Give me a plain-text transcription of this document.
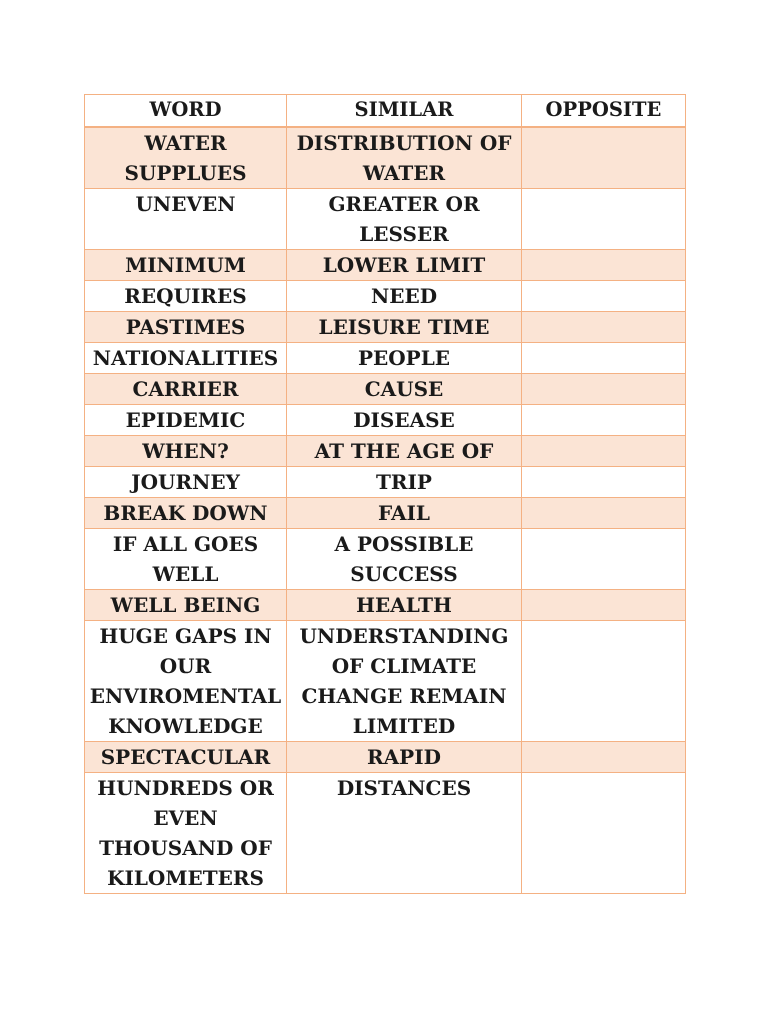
WORD	SIMILAR	OPPOSITE
WATER SUPPLUES	DISTRIBUTION OF WATER	
UNEVEN	GREATER OR LESSER	
MINIMUM	LOWER LIMIT	
REQUIRES	NEED	
PASTIMES	LEISURE TIME	
NATIONALITIES	PEOPLE	
CARRIER	CAUSE	
EPIDEMIC	DISEASE	
WHEN?	AT THE AGE OF	
JOURNEY	TRIP	
BREAK DOWN	FAIL	
IF ALL GOES WELL	A POSSIBLE SUCCESS	
WELL BEING	HEALTH	
HUGE GAPS IN OUR ENVIROMENTAL KNOWLEDGE	UNDERSTANDING OF CLIMATE CHANGE REMAIN LIMITED	
SPECTACULAR	RAPID	
HUNDREDS OR EVEN THOUSAND OF KILOMETERS	DISTANCES	
